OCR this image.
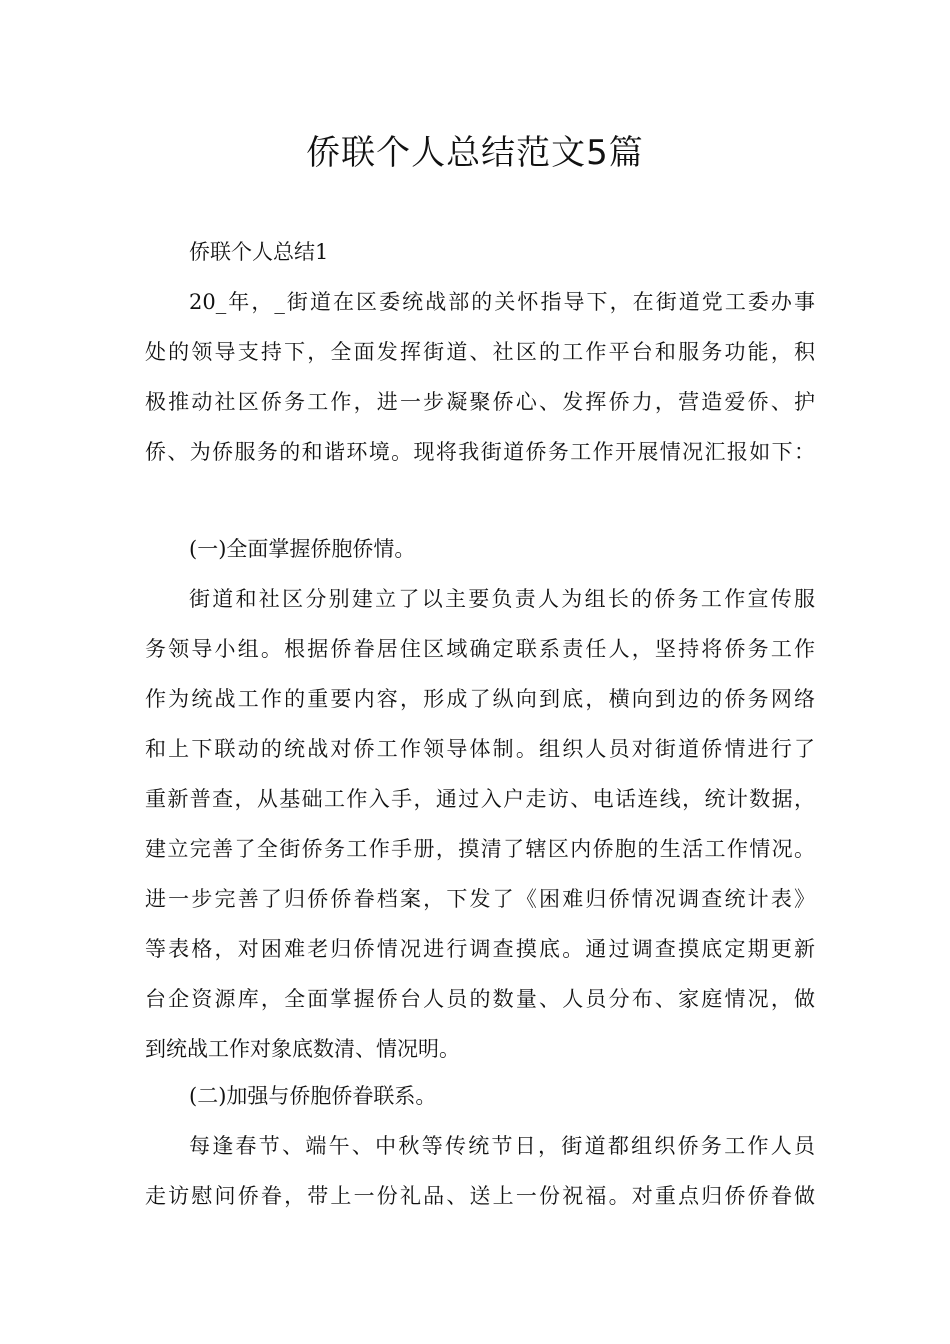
侨联个人总结范文5篇
侨联个人总结1
20_年，_街道在区委统战部的关怀指导下，在街道党工委办事
处的领导支持下，全面发挥街道、社区的工作平台和服务功能，积
极推动社区侨务工作，进一步凝聚侨心、发挥侨力，营造爱侨、护
侨、为侨服务的和谐环境。现将我街道侨务工作开展情况汇报如下：
(一)全面掌握侨胞侨情。
街道和社区分别建立了以主要负责人为组长的侨务工作宣传服
务领导小组。根据侨眷居住区域确定联系责任人，坚持将侨务工作
作为统战工作的重要内容，形成了纵向到底，横向到边的侨务网络
和上下联动的统战对侨工作领导体制。组织人员对街道侨情进行了
重新普查，从基础工作入手，通过入户走访、电话连线，统计数据，
建立完善了全街侨务工作手册，摸清了辖区内侨胞的生活工作情况。
进一步完善了归侨侨眷档案，下发了《困难归侨情况调查统计表》
等表格，对困难老归侨情况进行调查摸底。通过调查摸底定期更新
台企资源库，全面掌握侨台人员的数量、人员分布、家庭情况，做
到统战工作对象底数清、情况明。
(二)加强与侨胞侨眷联系。
每逢春节、端午、中秋等传统节日，街道都组织侨务工作人员
走访慰问侨眷，带上一份礼品、送上一份祝福。对重点归侨侨眷做
